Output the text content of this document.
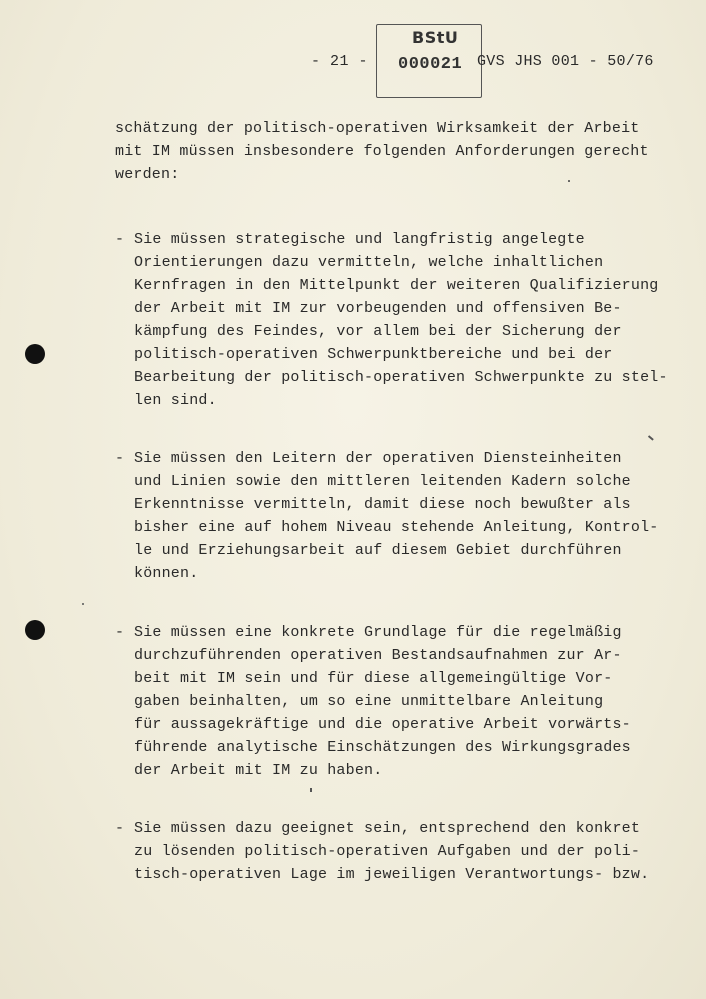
- 21 -
BStU
000021 GVS JHS 001 - 50/76
schätzung der politisch-operativen Wirksamkeit der Arbeit
mit IM müssen insbesondere folgenden Anforderungen gerecht
werden:
- Sie müssen strategische und langfristig angelegte
Orientierungen dazu vermitteln, welche inhaltlichen
Kernfragen in den Mittelpunkt der weiteren Qualifizierung
der Arbeit mit IM zur vorbeugenden und offensiven Be-
kämpfung des Feindes, vor allem bei der Sicherung der
politisch-operativen Schwerpunktbereiche und bei der
Bearbeitung der politisch-operativen Schwerpunkte zu stel-
len sind.
- Sie müssen den Leitern der operativen Diensteinheiten
und Linien sowie den mittleren leitenden Kadern solche
Erkenntnisse vermitteln, damit diese noch bewußter als
bisher eine auf hohem Niveau stehende Anleitung, Kontrol-
le und Erziehungsarbeit auf diesem Gebiet durchführen
können.
- Sie müssen eine konkrete Grundlage für die regelmäßig
durchzuführenden operativen Bestandsaufnahmen zur Ar-
beit mit IM sein und für diese allgemeingültige Vor-
gaben beinhalten, um so eine unmittelbare Anleitung
für aussagekräftige und die operative Arbeit vorwärts-
führende analytische Einschätzungen des Wirkungsgrades
der Arbeit mit IM zu haben.
- Sie müssen dazu geeignet sein, entsprechend den konkret
zu lösenden politisch-operativen Aufgaben und der poli-
tisch-operativen Lage im jeweiligen Verantwortungs- bzw.
